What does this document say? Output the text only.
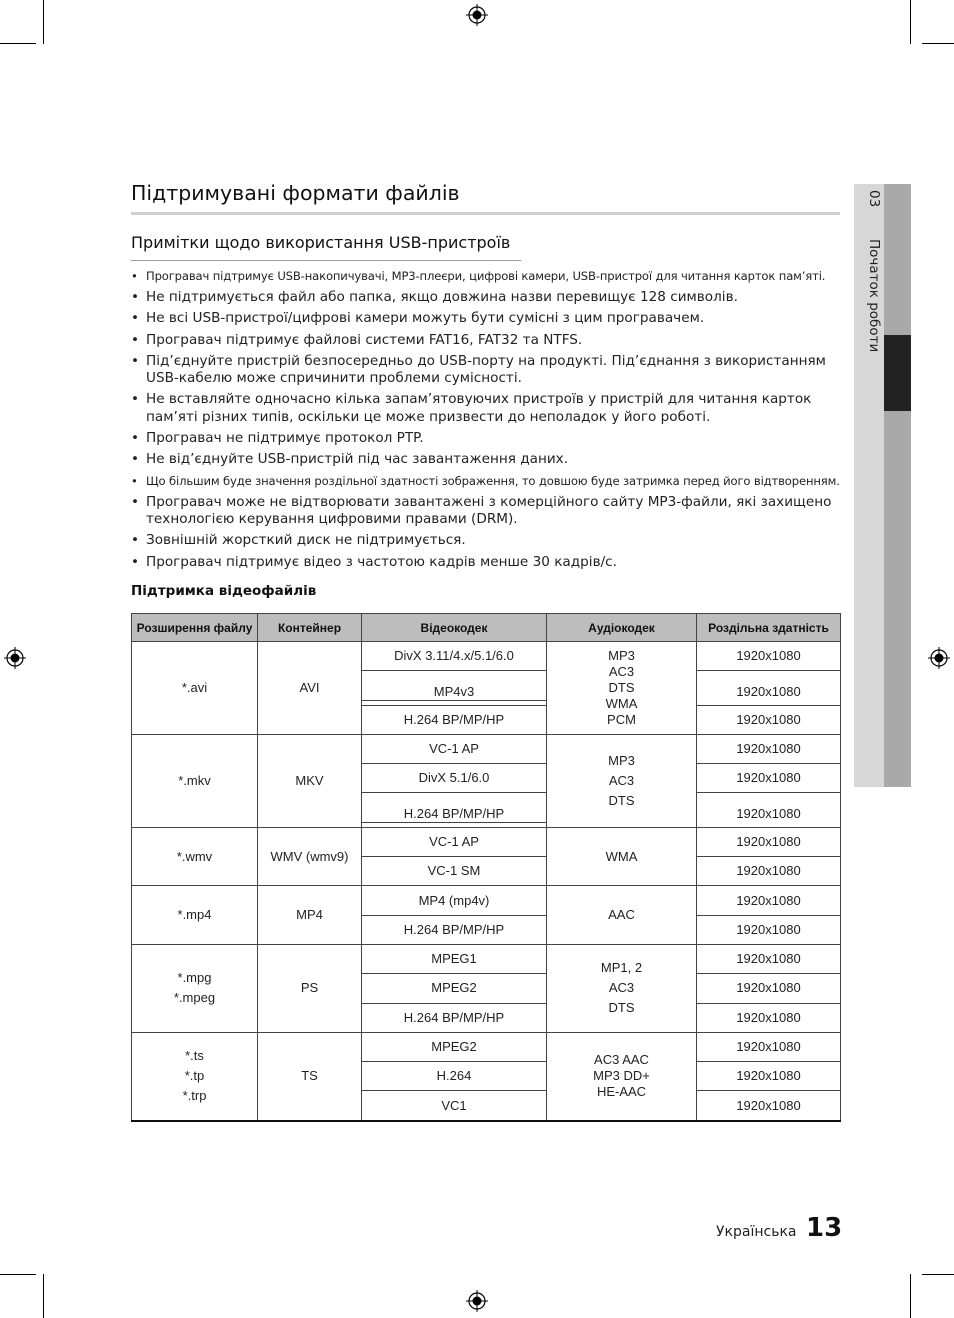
03 Початок роботи
Підтримувані формати файлів
Примітки щодо використання USB-пристроїв
• Програвач підтримує USB-накопичувачі, MP3-плеєри, цифрові камери, USB-пристрої для читання карток пам’яті.
• Не підтримується файл або папка, якщо довжина назви перевищує 128 символів.
• Не всі USB-пристрої/цифрові камери можуть бути сумісні з цим програвачем.
• Програвач підтримує файлові системи FAT16, FAT32 та NTFS.
• Під’єднуйте пристрій безпосередньо до USB-порту на продукті. Під’єднання з використанням USB-кабелю може спричинити проблеми сумісності.
• Не вставляйте одночасно кілька запам’ятовуючих пристроїв у пристрій для читання карток пам’яті різних типів, оскільки це може призвести до неполадок у його роботі.
• Програвач не підтримує протокол PTP.
• Не від’єднуйте USB-пристрій під час завантаження даних.
• Що більшим буде значення роздільної здатності зображення, то довшою буде затримка перед його відтворенням.
• Програвач може не відтворювати завантажені з комерційного сайту MP3-файли, які захищено технологією керування цифровими правами (DRM).
• Зовнішній жорсткий диск не підтримується.
• Програвач підтримує відео з частотою кадрів менше 30 кадрів/с.
Підтримка відеофайлів
Розширення файлу	Контейнер	Відеокодек	Аудіокодек	Роздільна здатність
*.avi	AVI	DivX 3.11/4.x/5.1/6.0	MP3 AC3 DTS WMA PCM	1920x1080
		MP4v3		1920x1080

		H.264 BP/MP/HP		1920x1080
*.mkv	MKV	VC-1 AP	MP3 AC3 DTS	1920x1080
		DivX 5.1/6.0		1920x1080
		H.264 BP/MP/HP		1920x1080

*.wmv	WMV (wmv9)	VC-1 AP	WMA	1920x1080
		VC-1 SM		1920x1080
*.mp4	MP4	MP4 (mp4v)	AAC	1920x1080
		H.264 BP/MP/HP		1920x1080

*.mpg *.mpeg	PS	MPEG1	MP1, 2 AC3 DTS	1920x1080
		MPEG2		1920x1080
		H.264 BP/MP/HP		1920x1080

*.ts *.tp *.trp	TS	MPEG2	AC3 AAC MP3 DD+ HE-AAC	1920x1080
		H.264		1920x1080
		VC1		1920x1080
Українська 13
